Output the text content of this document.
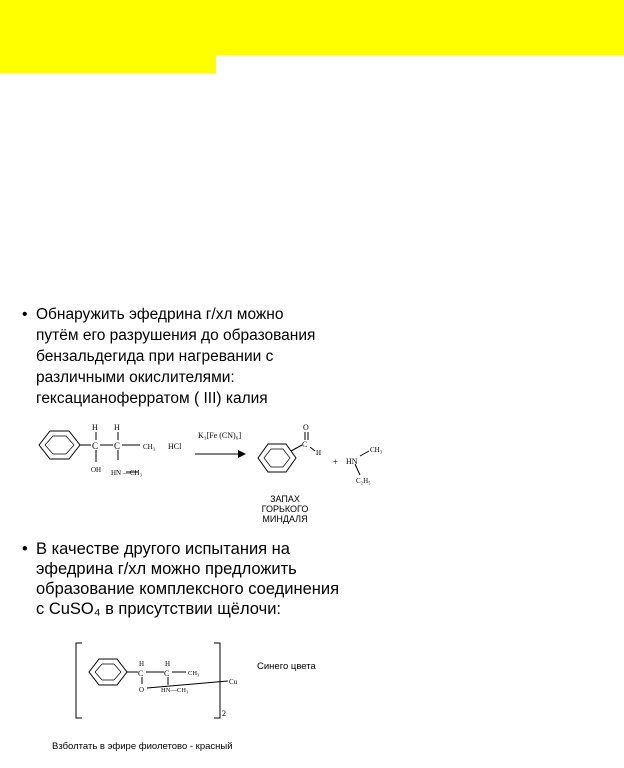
• Обнаружить эфедрина г/хл можно

путём его разрушения до образования

бензальдегида при нагревании с

различными окислителями:

гексацианоферратом ( III) калия

C C
H H
CH₃
OH HN —CH₃
HCl
K₃[Fe (CN)₆]
O
C
H
+ HN
CH₃
C₂H₅
C	C
H	H
CH₃
O	HN—CH₃
Cu
2
ЗАПАХ
ГОРЬКОГО
МИНДАЛЯ
• В качестве другого испытания на

эфедрина г/хл можно предложить

образование комплексного соединения

с CuSO₄ в присутствии щёлочи:

Синего цвета
Взболтать в эфире фиолетово - красный
